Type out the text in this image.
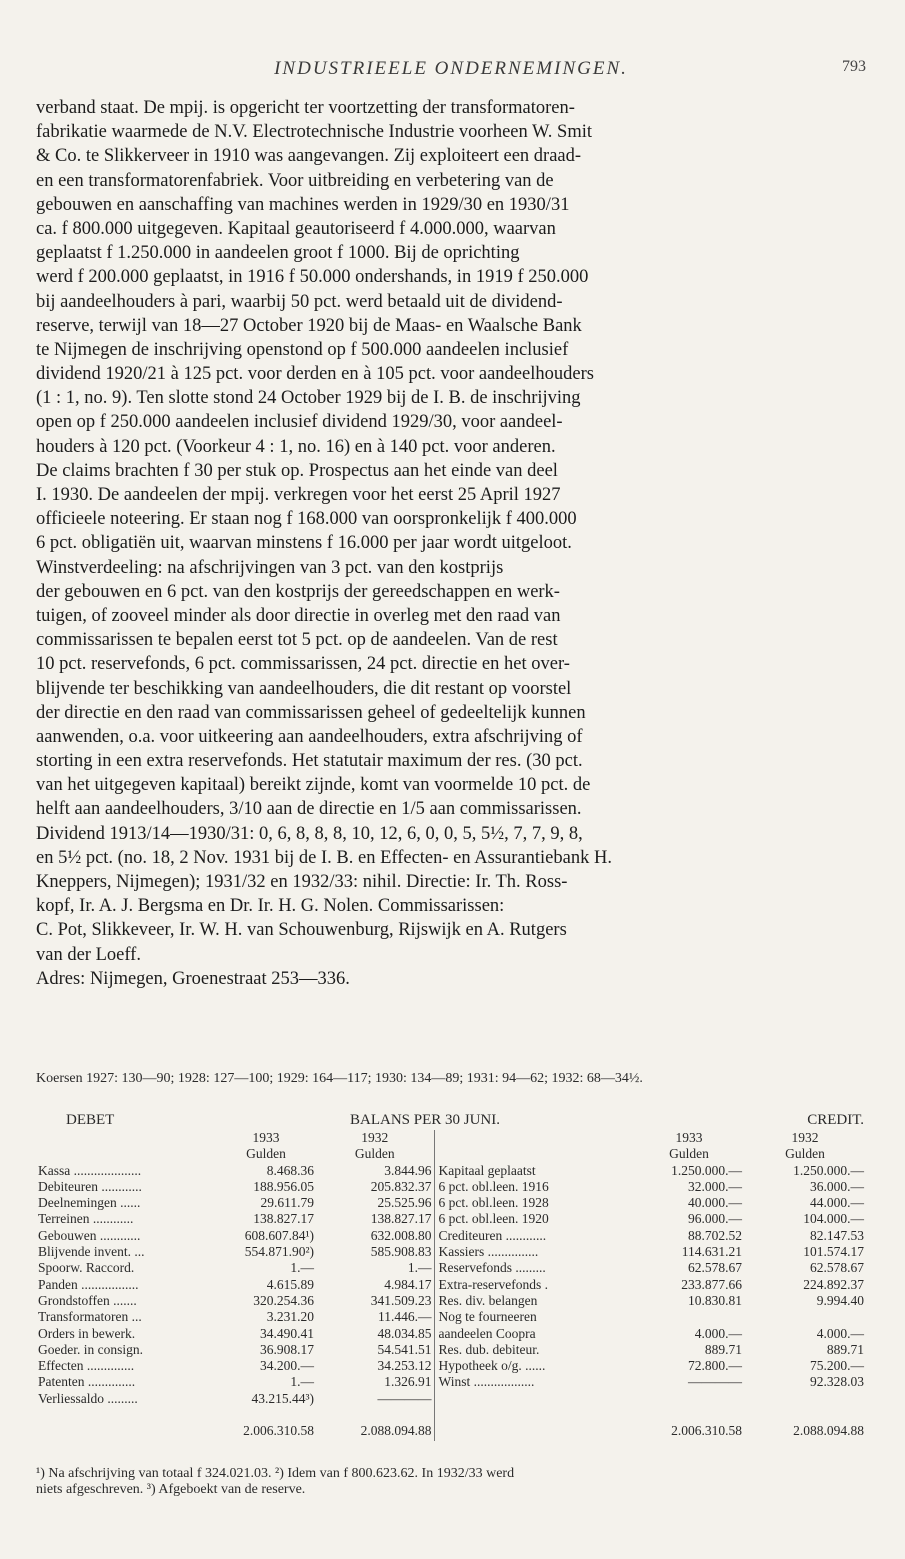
INDUSTRIEELE ONDERNEMINGEN.	793
verband staat. De mpij. is opgericht ter voortzetting der transformatoren-
fabrikatie waarmede de N.V. Electrotechnische Industrie voorheen W. Smit
& Co. te Slikkerveer in 1910 was aangevangen. Zij exploiteert een draad-
en een transformatorenfabriek. Voor uitbreiding en verbetering van de
gebouwen en aanschaffing van machines werden in 1929/30 en 1930/31
ca. f 800.000 uitgegeven. Kapitaal geautoriseerd f 4.000.000, waarvan
geplaatst f 1.250.000 in aandeelen groot f 1000. Bij de oprichting
werd f 200.000 geplaatst, in 1916 f 50.000 ondershands, in 1919 f 250.000
bij aandeelhouders à pari, waarbij 50 pct. werd betaald uit de dividend-
reserve, terwijl van 18—27 October 1920 bij de Maas- en Waalsche Bank
te Nijmegen de inschrijving openstond op f 500.000 aandeelen inclusief
dividend 1920/21 à 125 pct. voor derden en à 105 pct. voor aandeelhouders
(1 : 1, no. 9). Ten slotte stond 24 October 1929 bij de I. B. de inschrijving
open op f 250.000 aandeelen inclusief dividend 1929/30, voor aandeel-
houders à 120 pct. (Voorkeur 4 : 1, no. 16) en à 140 pct. voor anderen.
De claims brachten f 30 per stuk op. Prospectus aan het einde van deel
I. 1930. De aandeelen der mpij. verkregen voor het eerst 25 April 1927
officieele noteering. Er staan nog f 168.000 van oorspronkelijk f 400.000
6 pct. obligatiën uit, waarvan minstens f 16.000 per jaar wordt uitgeloot.
Winstverdeeling: na afschrijvingen van 3 pct. van den kostprijs
der gebouwen en 6 pct. van den kostprijs der gereedschappen en werk-
tuigen, of zooveel minder als door directie in overleg met den raad van
commissarissen te bepalen eerst tot 5 pct. op de aandeelen. Van de rest
10 pct. reservefonds, 6 pct. commissarissen, 24 pct. directie en het over-
blijvende ter beschikking van aandeelhouders, die dit restant op voorstel
der directie en den raad van commissarissen geheel of gedeeltelijk kunnen
aanwenden, o.a. voor uitkeering aan aandeelhouders, extra afschrijving of
storting in een extra reservefonds. Het statutair maximum der res. (30 pct.
van het uitgegeven kapitaal) bereikt zijnde, komt van voormelde 10 pct. de
helft aan aandeelhouders, 3/10 aan de directie en 1/5 aan commissarissen.
Dividend 1913/14—1930/31: 0, 6, 8, 8, 8, 10, 12, 6, 0, 0, 5, 5½, 7, 7, 9, 8,
en 5½ pct. (no. 18, 2 Nov. 1931 bij de I. B. en Effecten- en Assurantiebank H.
Kneppers, Nijmegen); 1931/32 en 1932/33: nihil. Directie: Ir. Th. Ross-
kopf, Ir. A. J. Bergsma en Dr. Ir. H. G. Nolen. Commissarissen:
C. Pot, Slikkeveer, Ir. W. H. van Schouwenburg, Rijswijk en A. Rutgers
van der Loeff.
Adres: Nijmegen, Groenestraat 253—336.
Koersen 1927: 130—90; 1928: 127—100; 1929: 164—117; 1930: 134—89; 1931: 94—62; 1932: 68—34½.
DEBET	BALANS PER 30 JUNI.				CREDIT.
	1933	1932		1933	1932
	Gulden	Gulden		Gulden	Gulden
Kassa ....................	8.468.36	3.844.96	Kapitaal geplaatst	1.250.000.—	1.250.000.—
Debiteuren ............	188.956.05	205.832.37	6 pct. obl.leen. 1916	32.000.—	36.000.—
Deelnemingen ......	29.611.79	25.525.96	6 pct. obl.leen. 1928	40.000.—	44.000.—
Terreinen ............	138.827.17	138.827.17	6 pct. obl.leen. 1920	96.000.—	104.000.—
Gebouwen ............	608.607.84¹)	632.008.80	Crediteuren ............	88.702.52	82.147.53
Blijvende invent. ...	554.871.90²)	585.908.83	Kassiers ...............	114.631.21	101.574.17
Spoorw. Raccord.	1.—	1.—	Reservefonds .........	62.578.67	62.578.67
Panden .................	4.615.89	4.984.17	Extra-reservefonds .	233.877.66	224.892.37
Grondstoffen .......	320.254.36	341.509.23	Res. div. belangen	10.830.81	9.994.40
Transformatoren ...	3.231.20	11.446.—	Nog te fourneeren		
Orders in bewerk.	34.490.41	48.034.85	aandeelen Coopra	4.000.—	4.000.—
Goeder. in consign.	36.908.17	54.541.51	Res. dub. debiteur.	889.71	889.71
Effecten ..............	34.200.—	34.253.12	Hypotheek o/g. ......	72.800.—	75.200.—
Patenten ..............	1.—	1.326.91	Winst ..................	————	92.328.03
Verliessaldo .........	43.215.44³)	————			
	2.006.310.58	2.088.094.88		2.006.310.58	2.088.094.88
¹) Na afschrijving van totaal f 324.021.03. ²) Idem van f 800.623.62. In 1932/33 werd
niets afgeschreven. ³) Afgeboekt van de reserve.
